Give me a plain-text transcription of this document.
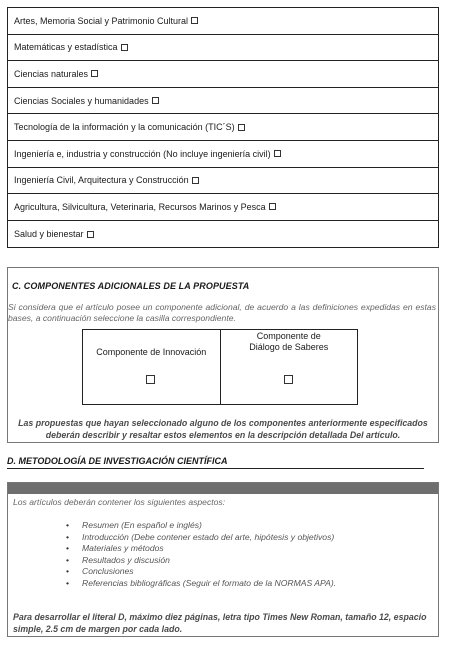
Artes, Memoria Social y Patrimonio Cultural
Matemáticas y estadística
Ciencias naturales
Ciencias Sociales y humanidades
Tecnología de la información y la comunicación (TIC´S)
Ingeniería e, industria y construcción (No incluye ingeniería civil)
Ingeniería Civil, Arquitectura y Construcción
Agricultura, Silvicultura, Veterinaria, Recursos Marinos y Pesca
Salud y bienestar
C. COMPONENTES ADICIONALES DE LA PROPUESTA
Si considera que el artículo posee un componente adicional, de acuerdo a las definiciones expedidas en estas bases, a continuación seleccione la casilla correspondiente.
Componente de Innovación
Componente de Diálogo de Saberes
Las propuestas que hayan seleccionado alguno de los componentes anteriormente especificados deberán describir y resaltar estos elementos en la descripción detallada Del artículo.
D. METODOLOGÍA DE INVESTIGACIÓN CIENTÍFICA
Los artículos deberán contener los siguientes aspectos:
• Resumen (En español e inglés)
• Introducción (Debe contener estado del arte, hipótesis y objetivos)
• Materiales y métodos
• Resultados y discusión
• Conclusiones
• Referencias bibliográficas (Seguir el formato de la NORMAS APA).
Para desarrollar el literal D, máximo diez páginas, letra tipo Times New Roman, tamaño 12, espacio simple, 2.5 cm de margen por cada lado.
